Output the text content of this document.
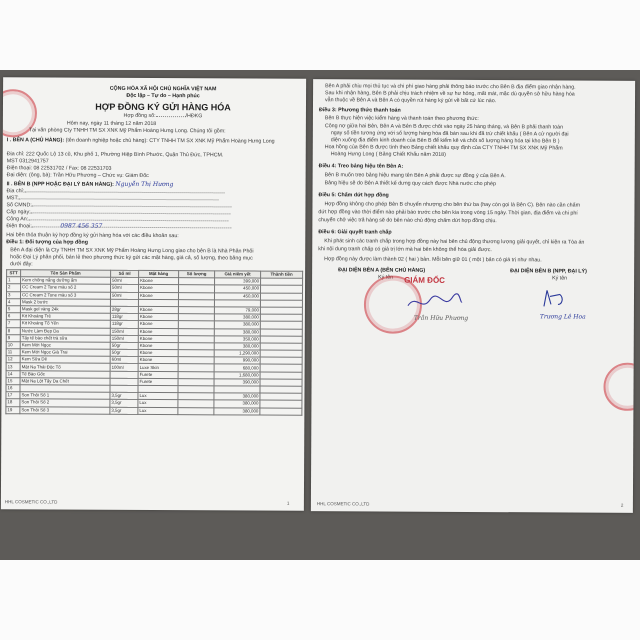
CỘNG HÒA XÃ HỘI CHỦ NGHĨA VIỆT NAM
Độc lập – Tự do – Hạnh phúc
HỢP ĐỒNG KÝ GỬI HÀNG HÓA
Hợp đồng số:	/HĐKG
Hôm nay, ngày 11 tháng 12 năm 2018
Tại văn phòng Cty TNHH TM SX XNK Mỹ Phẩm Hoàng Hưng Long. Chúng tôi gồm:
I . BÊN A (CHỦ HÀNG): (tên doanh nghiệp hoặc chủ hàng): CTY TNHH TM SX XNK Mỹ Phẩm Hoàng Hưng Long
Địa chỉ: 222 Quốc Lộ 13 cũ, Khu phố 1, Phường Hiệp Bình Phước, Quận Thủ Đức, TPHCM.
MST 0312941757
Điện thoại: 08 22531702 / Fax: 08 22531703
Đại diện: (ông, bà): Trần Hữu Phương – Chức vụ: Giám Đốc
II . BÊN B (NPP HOẶC ĐẠI LÝ BÁN HÀNG): Nguyễn Thị Hương
Địa chỉ:
MST:
Số CMND:
Cấp ngày:
Công An:
Điện thoại:	0987 456 357
Hai bên thỏa thuận ký hợp đồng ký gửi hàng hóa với các điều khoản sau:
Điều 1: Đối tượng của hợp đồng
Bên A đại diện là Cty TNHH TM SX XNK Mỹ Phẩm Hoàng Hưng Long giao cho bên B là Nhà Phân Phối
hoặc Đại Lý phân phối, bán lẻ theo phương thức ký gửi các mặt hàng, giá cả, số lượng, theo bảng mục
dưới đây:
STT	Tên Sản Phẩm	Số ml	Mặt hàng	Số lượng	Giá niêm yết	Thành tiền
1	Kem chống nắng dưỡng ẩm	50ml	Kbone		399,000	
2	CC Cream 2 Tone màu số 2	50ml	Kbone		450,000	
3	CC Cream 2 Tone màu số 3	50ml	Kbone		450,000	
4	Mask 2 bước					
5	Mask gel vàng 24k	28gr	Kbone		79,000	
6	Kit Khoáng Trẻ	118gr	Kbone		380,000	
7	Kit Khoáng Tổ Yến	118gr	Kbone		380,000	
8	Nước Làm Đẹp Da	150ml	Kbone		380,000	
9	Tẩy tế bào chết trà sữa	150ml	Kbone		350,000	
10	Kem Mới Ngọc	50gr	Kbone		380,000	
11	Kem Mới Ngọc Già Trai	50gr	Kbone		1,290,000	
12	Kem Sữa Dê	60ml	Kbone		990,000	
13	Mặt Nạ Thải Độc Tố	100ml	Luxe Skin		680,000	
14	Tế Bào Gốc		Furete		1,680,000	
15	Mặt Nạ Lột Tẩy Da Chết		Furete		390,000	
16						
17	Son Thỏi Số 1	3,5gr	Lux		380,000	
18	Son Thỏi Số 2	3,5gr	Lux		380,000	
19	Son Thỏi Số 3	3,5gr	Lux		380,000	
HHL COSMETIC CO.,LTD	1
Bên A phải chịu mọi thủ tục và chi phí giao hàng phải thông báo trước cho Bên B địa điểm giao nhận hàng.
Sau khi nhận hàng, Bên B phải chịu trách nhiệm về sự hư hỏng, mất mát, mặc dù quyền sở hữu hàng hóa
vẫn thuộc về Bên A và Bên A có quyền rút hàng ký gửi về bất cứ lúc nào.
Điều 3: Phương thức thanh toán
Bên B thực hiện việc kiểm hàng và thanh toán theo phương thức:
Công nợ giữa hai Bên, Bên A và Bên B được chốt vào ngày 25 hàng tháng, và Bên B phải thanh toán
ngay số tiền tương ứng với số lượng hàng hóa đã bán sau khi đã trừ chiết khấu ( Bên A cử người đại
diện xuống địa điểm kinh doanh của Bên B để kiểm kê và chốt số lượng hàng hóa tại kho Bên B )
Hoa hồng của Bên B được tính theo Bảng chiết khấu quy định của CTY TNHH TM SX XNK Mỹ Phẩm
Hoàng Hưng Long ( Bảng Chiết Khấu năm 2018)
Điều 4: Treo bảng hiệu tên Bên A:
Bên B muốn treo bảng hiệu mang tên Bên A phải được sự đồng ý của Bên A.
Bảng hiệu sẽ do Bên A thiết kế dưng quy cách được Nhà nước cho phép
Điều 5: Chấm dứt hợp đồng
Hợp đồng không cho phép Bên B chuyển nhượng cho bên thứ ba (hay còn gọi là Bên C). Bên nào cần chấm
dứt hợp đồng vào thời điểm nào phải báo trước cho bên kia trong vòng 15 ngày. Thời gian, địa điểm và chi phí
chuyển chở việc trả hàng sẽ do bên nào chủ động chấm dứt hợp đồng chịu.
Điều 6: Giải quyết tranh chấp
Khi phát sinh các tranh chấp trong hợp đồng này hai bên chủ động thương lượng giải quyết, chỉ kiện ra Tòa án
khi nội dung tranh chấp có giá trị lớn mà hai bên không thể hòa giải được.
Hợp đồng này được làm thành 02 ( hai ) bản. Mỗi bên giữ 01 ( một ) bản có giá trị như nhau.
ĐẠI DIỆN BÊN A (BÊN CHỦ HÀNG)
Ký tên
ĐẠI DIỆN BÊN B (NPP, ĐẠI LÝ)
Ký tên
GIÁM ĐỐC
Trần Hữu Phương	Trương Lê Hoa
HHL COSMETIC CO.,LTD	2
